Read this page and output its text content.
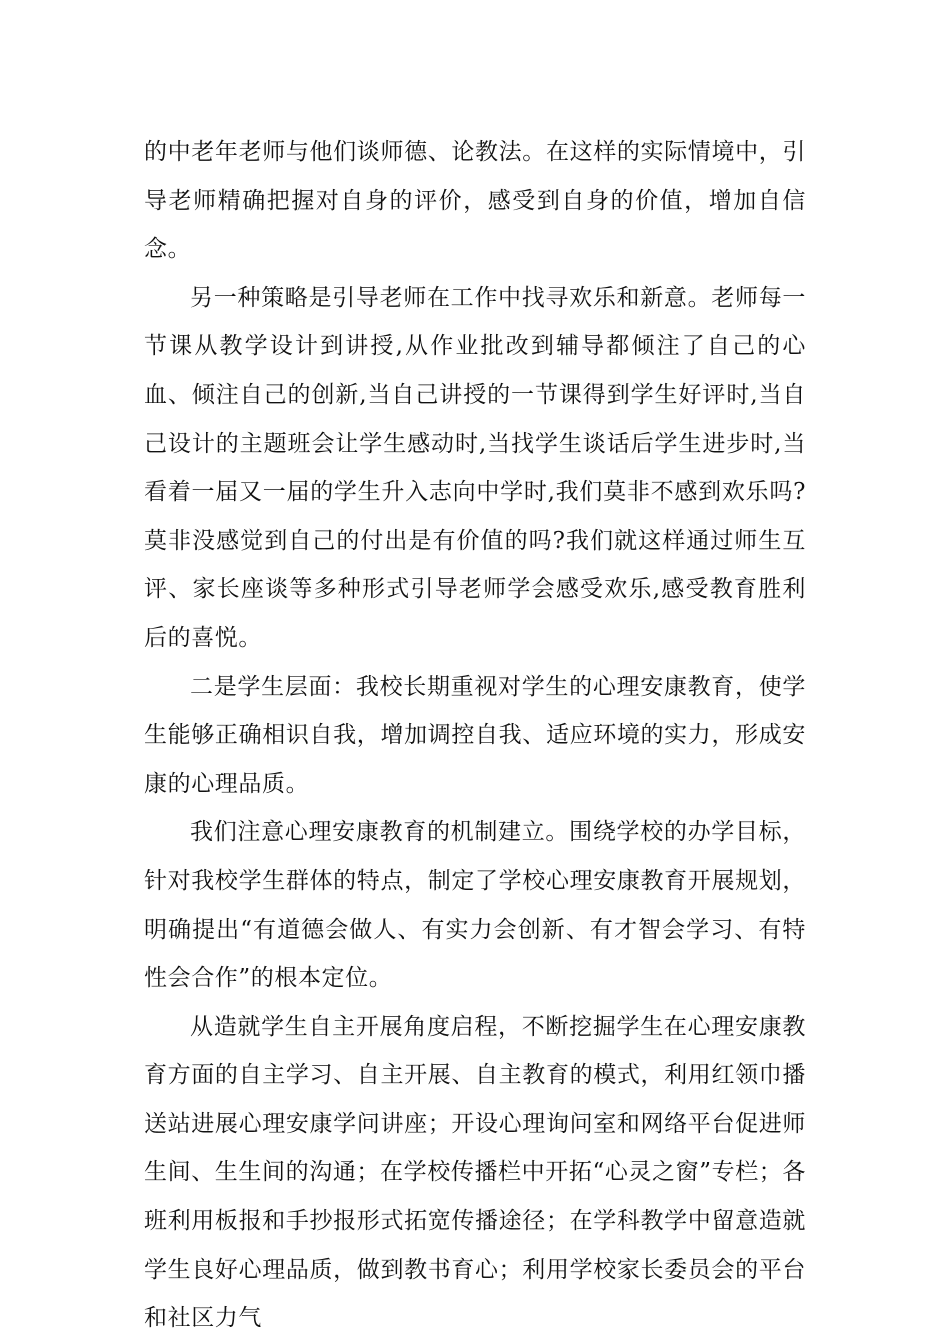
的中老年老师与他们谈师德、论教法。在这样的实际情境中，引导老师精确把握对自身的评价，感受到自身的价值，增加自信念。

另一种策略是引导老师在工作中找寻欢乐和新意。老师每一节课从教学设计到讲授,从作业批改到辅导都倾注了自己的心血、倾注自己的创新,当自己讲授的一节课得到学生好评时,当自己设计的主题班会让学生感动时,当找学生谈话后学生进步时,当看着一届又一届的学生升入志向中学时,我们莫非不感到欢乐吗?莫非没感觉到自己的付出是有价值的吗?我们就这样通过师生互评、家长座谈等多种形式引导老师学会感受欢乐,感受教育胜利后的喜悦。

二是学生层面：我校长期重视对学生的心理安康教育，使学生能够正确相识自我，增加调控自我、适应环境的实力，形成安康的心理品质。

我们注意心理安康教育的机制建立。围绕学校的办学目标，针对我校学生群体的特点，制定了学校心理安康教育开展规划，明确提出“有道德会做人、有实力会创新、有才智会学习、有特性会合作”的根本定位。

从造就学生自主开展角度启程，不断挖掘学生在心理安康教育方面的自主学习、自主开展、自主教育的模式，利用红领巾播送站进展心理安康学问讲座；开设心理询问室和网络平台促进师生间、生生间的沟通；在学校传播栏中开拓“心灵之窗”专栏；各班利用板报和手抄报形式拓宽传播途径；在学科教学中留意造就学生良好心理品质，做到教书育心；利用学校家长委员会的平台和社区力气
